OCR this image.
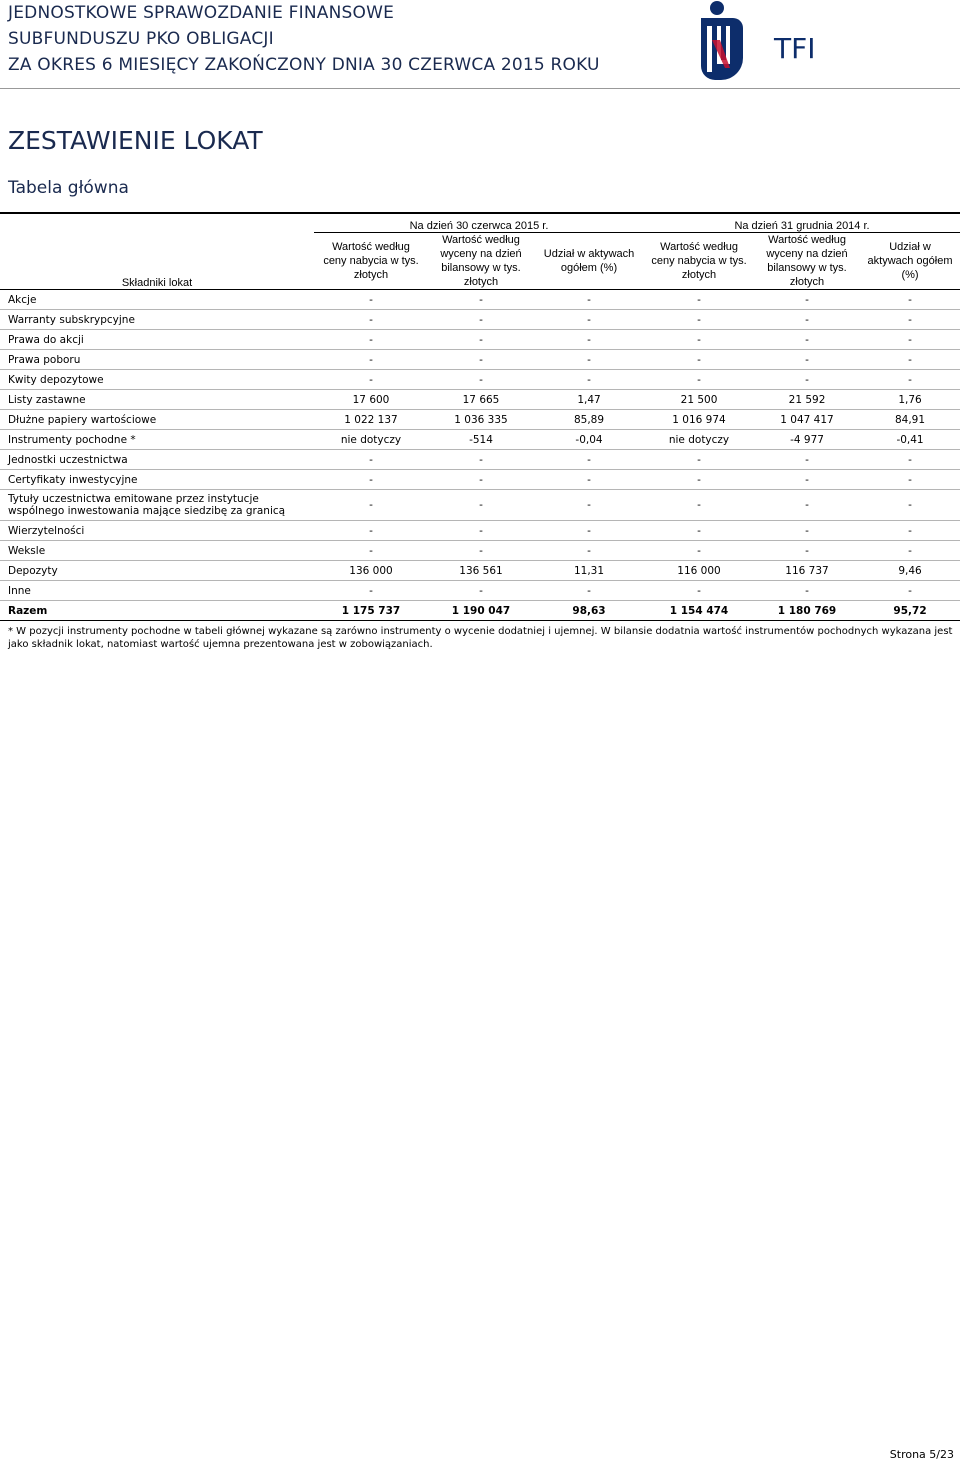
JEDNOSTKOWE SPRAWOZDANIE FINANSOWE
SUBFUNDUSZU PKO OBLIGACJI
ZA OKRES 6 MIESIĘCY ZAKOŃCZONY DNIA 30 CZERWCA 2015 ROKU	TFI
ZESTAWIENIE LOKAT
Tabela główna
Składniki lokat	Na dzień 30 czerwca 2015 r.			Na dzień 31 grudnia 2014 r.		
	Wartość według ceny nabycia w tys. złotych	Wartość według wyceny na dzień bilansowy w tys. złotych	Udział w aktywach ogółem (%)	Wartość według ceny nabycia w tys. złotych	Wartość według wyceny na dzień bilansowy w tys. złotych	Udział w aktywach ogółem (%)
Akcje	-	-	-	-	-	-
Warranty subskrypcyjne	-	-	-	-	-	-
Prawa do akcji	-	-	-	-	-	-
Prawa poboru	-	-	-	-	-	-
Kwity depozytowe	-	-	-	-	-	-
Listy zastawne	17 600	17 665	1,47	21 500	21 592	1,76
Dłużne papiery wartościowe	1 022 137	1 036 335	85,89	1 016 974	1 047 417	84,91
Instrumenty pochodne *	nie dotyczy	-514	-0,04	nie dotyczy	-4 977	-0,41
Jednostki uczestnictwa	-	-	-	-	-	-
Certyfikaty inwestycyjne	-	-	-	-	-	-
Tytuły uczestnictwa emitowane przez instytucje wspólnego inwestowania mające siedzibę za granicą	-	-	-	-	-	-
Wierzytelności	-	-	-	-	-	-
Weksle	-	-	-	-	-	-
Depozyty	136 000	136 561	11,31	116 000	116 737	9,46
Inne	-	-	-	-	-	-
Razem	1 175 737	1 190 047	98,63	1 154 474	1 180 769	95,72
* W pozycji instrumenty pochodne w tabeli głównej wykazane są zarówno instrumenty o wycenie dodatniej i ujemnej. W bilansie dodatnia wartość instrumentów pochodnych wykazana jest jako składnik lokat, natomiast wartość ujemna prezentowana jest w zobowiązaniach.
Strona 5/23
